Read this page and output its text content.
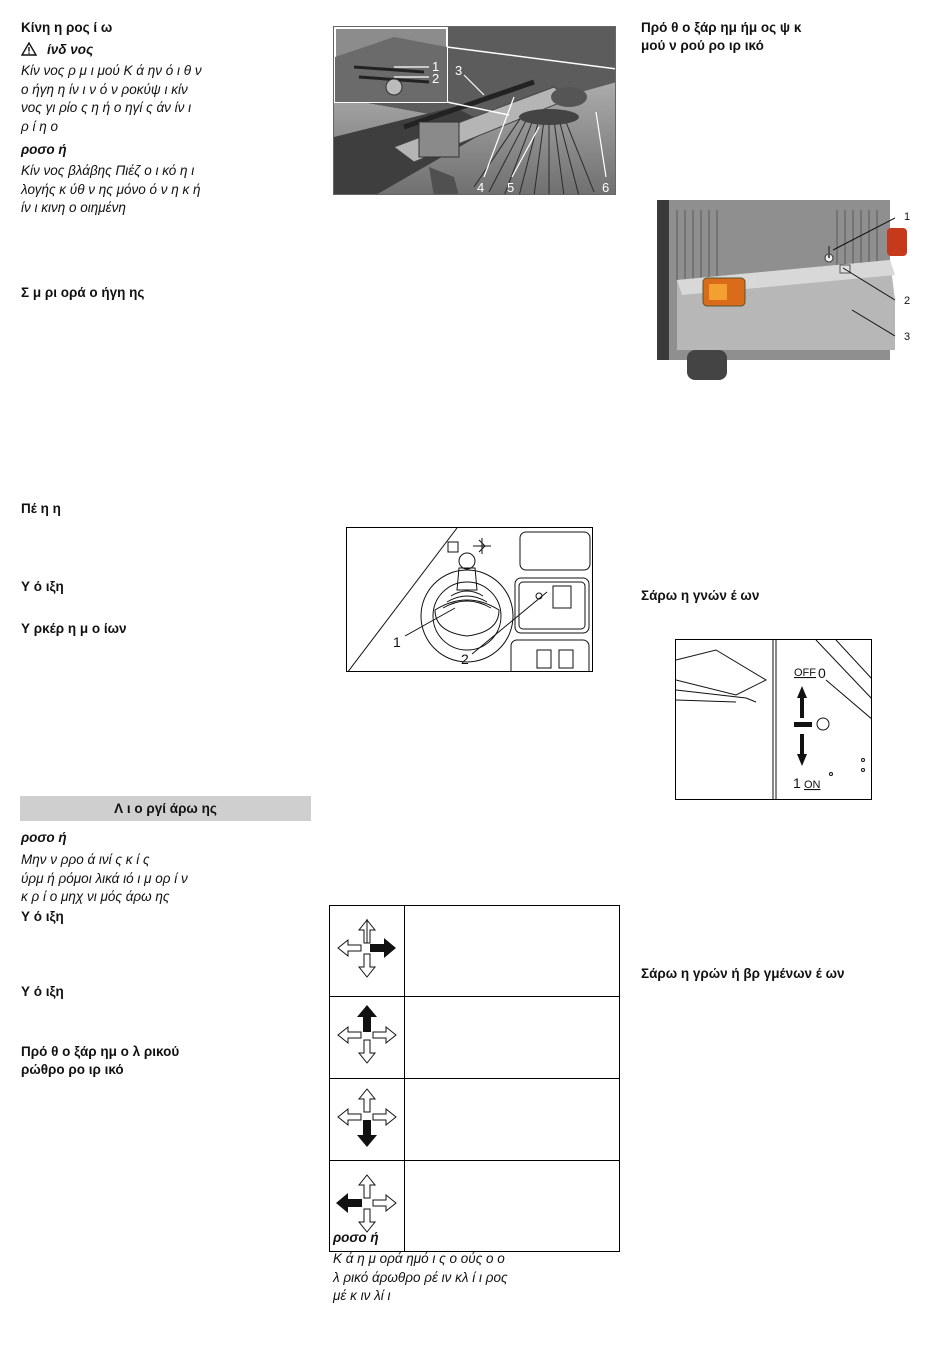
Κίνη η ρος ί ω
ίνδ νος
Κίν νος ρ μ ι μού Κ ά ην ό ι θ ν
ο ήγη η ίν ι ν ό ν ροκύψ ι κίν
νος γι ρίο ς η ή ο ηγί ς άν ίν ι
ρ ί η ο
ροσο ή
Κίν νος βλάβης Πιέζ ο ι κό η ι
λογής κ ύθ ν ης μόνο ό ν η κ ή
ίν ι κινη ο οιημένη
Σ μ ρι ορά ο ήγη ης
Πέ η η
Υ ό ιξη
Υ ρκέρ η μ ο ίων
Λ ι ο ργί άρω ης
ροσο ή
Μην ν ρρο ά ινί ς κ ί ς
ύρμ ή ρόμοι λικά ιό ι μ ορ ί ν
κ ρ ί ο μηχ νι μός άρω ης
Υ ό ιξη
Υ ό ιξη
Πρό θ ο ξάρ ημ ο λ ρικού
ρώθρο ρο ιρ ικό
1
2
3
4 5	6
1
2

ροσο ή
Κ ά η μ ορά ημό ι ς ο ούς ο ο
λ ρικό άρωθρο ρέ ιν κλ ί ι ρος
μέ κ ιν λί ι
Πρό θ ο ξάρ ημ ήμ ος ψ κ
μού ν ρού ρο ιρ ικό
1
2
3
Σάρω η γνών έ ων
OFF 0
1 ON
Σάρω η γρών ή βρ γμένων έ ων
